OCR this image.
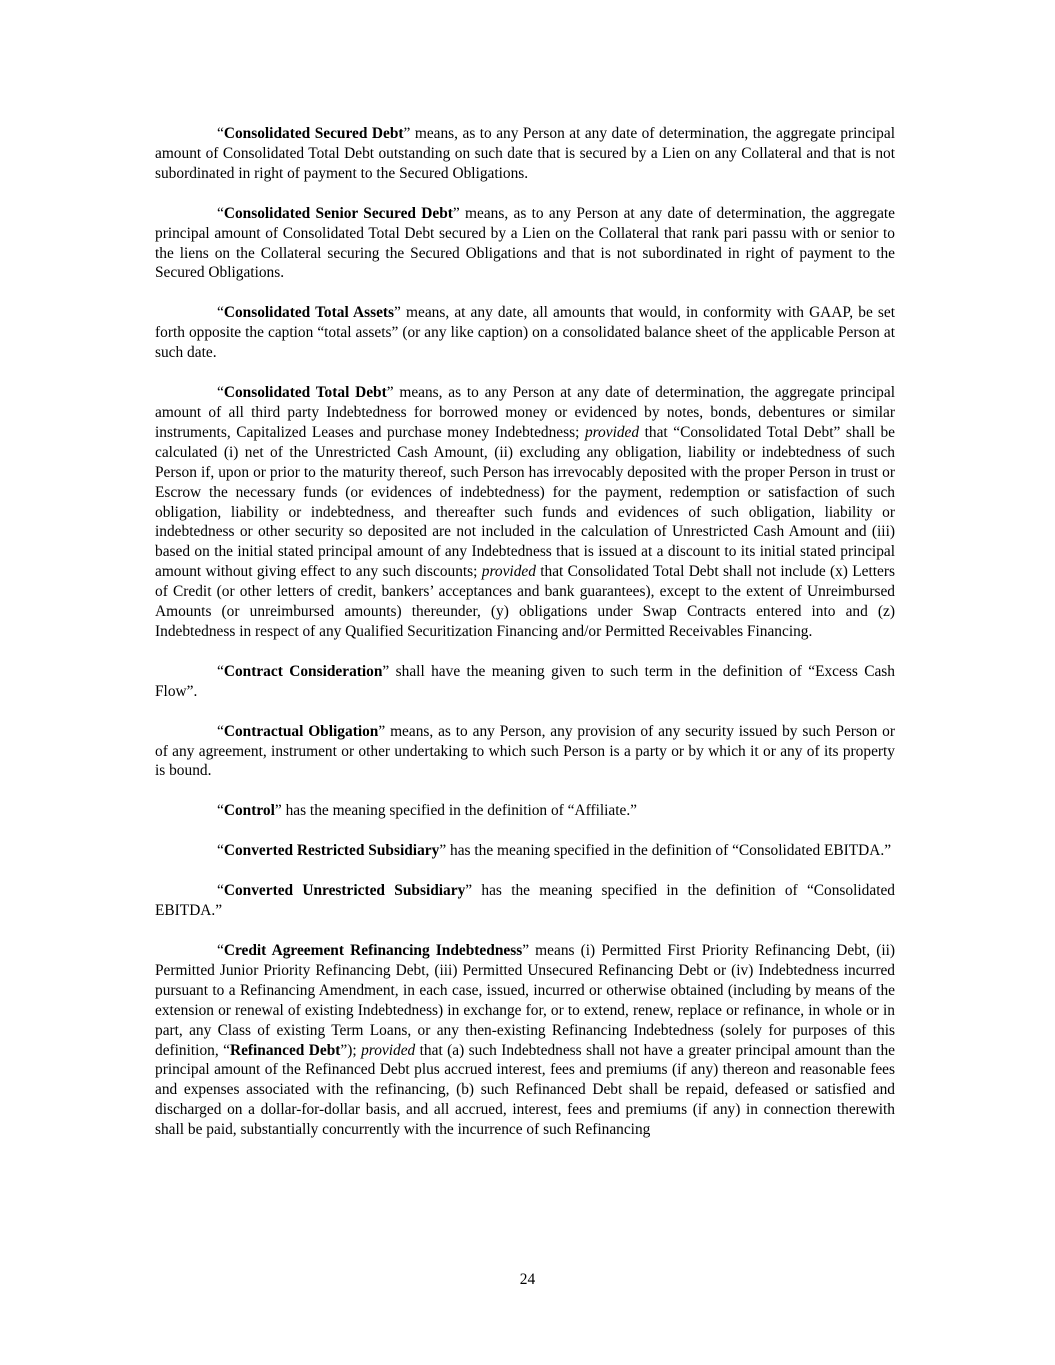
“Consolidated Secured Debt” means, as to any Person at any date of determination, the aggregate principal amount of Consolidated Total Debt outstanding on such date that is secured by a Lien on any Collateral and that is not subordinated in right of payment to the Secured Obligations.

“Consolidated Senior Secured Debt” means, as to any Person at any date of determination, the aggregate principal amount of Consolidated Total Debt secured by a Lien on the Collateral that rank pari passu with or senior to the liens on the Collateral securing the Secured Obligations and that is not subordinated in right of payment to the Secured Obligations.

“Consolidated Total Assets” means, at any date, all amounts that would, in conformity with GAAP, be set forth opposite the caption “total assets” (or any like caption) on a consolidated balance sheet of the applicable Person at such date.

“Consolidated Total Debt” means, as to any Person at any date of determination, the aggregate principal amount of all third party Indebtedness for borrowed money or evidenced by notes, bonds, debentures or similar instruments, Capitalized Leases and purchase money Indebtedness; provided that “Consolidated Total Debt” shall be calculated (i) net of the Unrestricted Cash Amount, (ii) excluding any obligation, liability or indebtedness of such Person if, upon or prior to the maturity thereof, such Person has irrevocably deposited with the proper Person in trust or Escrow the necessary funds (or evidences of indebtedness) for the payment, redemption or satisfaction of such obligation, liability or indebtedness, and thereafter such funds and evidences of such obligation, liability or indebtedness or other security so deposited are not included in the calculation of Unrestricted Cash Amount and (iii) based on the initial stated principal amount of any Indebtedness that is issued at a discount to its initial stated principal amount without giving effect to any such discounts; provided that Consolidated Total Debt shall not include (x) Letters of Credit (or other letters of credit, bankers’ acceptances and bank guarantees), except to the extent of Unreimbursed Amounts (or unreimbursed amounts) thereunder, (y) obligations under Swap Contracts entered into and (z) Indebtedness in respect of any Qualified Securitization Financing and/or Permitted Receivables Financing.

“Contract Consideration” shall have the meaning given to such term in the definition of “Excess Cash Flow”.

“Contractual Obligation” means, as to any Person, any provision of any security issued by such Person or of any agreement, instrument or other undertaking to which such Person is a party or by which it or any of its property is bound.

“Control” has the meaning specified in the definition of “Affiliate.”

“Converted Restricted Subsidiary” has the meaning specified in the definition of “Consolidated EBITDA.”

“Converted Unrestricted Subsidiary” has the meaning specified in the definition of “Consolidated EBITDA.”

“Credit Agreement Refinancing Indebtedness” means (i) Permitted First Priority Refinancing Debt, (ii) Permitted Junior Priority Refinancing Debt, (iii) Permitted Unsecured Refinancing Debt or (iv) Indebtedness incurred pursuant to a Refinancing Amendment, in each case, issued, incurred or otherwise obtained (including by means of the extension or renewal of existing Indebtedness) in exchange for, or to extend, renew, replace or refinance, in whole or in part, any Class of existing Term Loans, or any then-existing Refinancing Indebtedness (solely for purposes of this definition, “Refinanced Debt”); provided that (a) such Indebtedness shall not have a greater principal amount than the principal amount of the Refinanced Debt plus accrued interest, fees and premiums (if any) thereon and reasonable fees and expenses associated with the refinancing, (b) such Refinanced Debt shall be repaid, defeased or satisfied and discharged on a dollar-for-dollar basis, and all accrued, interest, fees and premiums (if any) in connection therewith shall be paid, substantially concurrently with the incurrence of such Refinancing

24
